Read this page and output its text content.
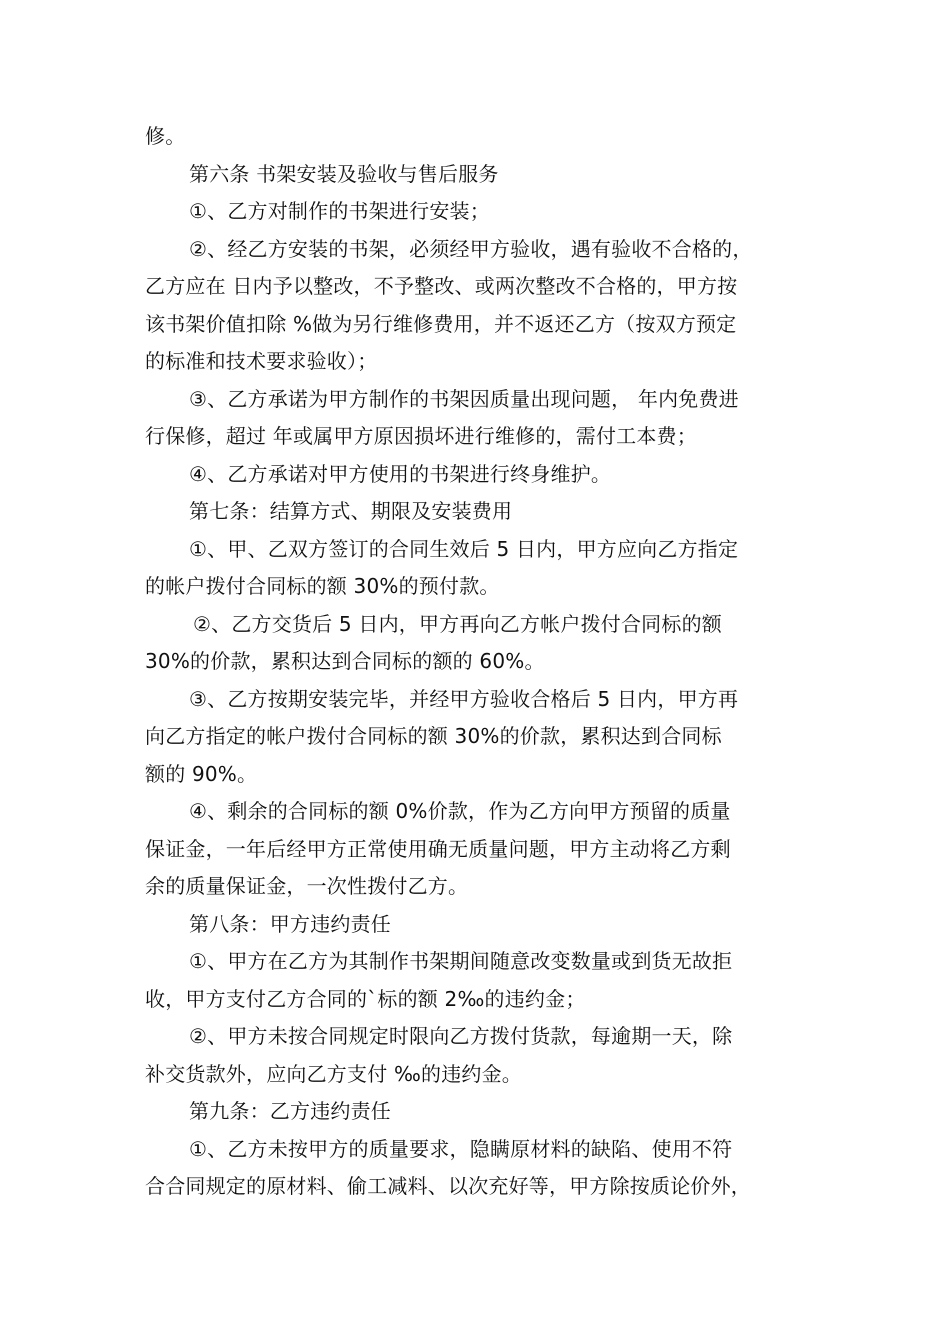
修。
第六条 书架安装及验收与售后服务
①、乙方对制作的书架进行安装；
②、经乙方安装的书架，必须经甲方验收，遇有验收不合格的，
乙方应在 日内予以整改，不予整改、或两次整改不合格的，甲方按
该书架价值扣除 %做为另行维修费用，并不返还乙方（按双方预定
的标准和技术要求验收）；
③、乙方承诺为甲方制作的书架因质量出现问题， 年内免费进
行保修，超过 年或属甲方原因损坏进行维修的，需付工本费；
④、乙方承诺对甲方使用的书架进行终身维护。
第七条：结算方式、期限及安装费用
①、甲、乙双方签订的合同生效后 5 日内，甲方应向乙方指定
的帐户拨付合同标的额 30%的预付款。
②、乙方交货后 5 日内，甲方再向乙方帐户拨付合同标的额
30%的价款，累积达到合同标的额的 60%。
③、乙方按期安装完毕，并经甲方验收合格后 5 日内，甲方再
向乙方指定的帐户拨付合同标的额 30%的价款，累积达到合同标
额的 90%。
④、剩余的合同标的额 0%价款，作为乙方向甲方预留的质量
保证金，一年后经甲方正常使用确无质量问题，甲方主动将乙方剩
余的质量保证金，一次性拨付乙方。
第八条：甲方违约责任
①、甲方在乙方为其制作书架期间随意改变数量或到货无故拒
收，甲方支付乙方合同的`标的额 2‰的违约金；
②、甲方未按合同规定时限向乙方拨付货款，每逾期一天，除
补交货款外，应向乙方支付 ‰的违约金。
第九条：乙方违约责任
①、乙方未按甲方的质量要求，隐瞒原材料的缺陷、使用不符
合合同规定的原材料、偷工减料、以次充好等，甲方除按质论价外，
